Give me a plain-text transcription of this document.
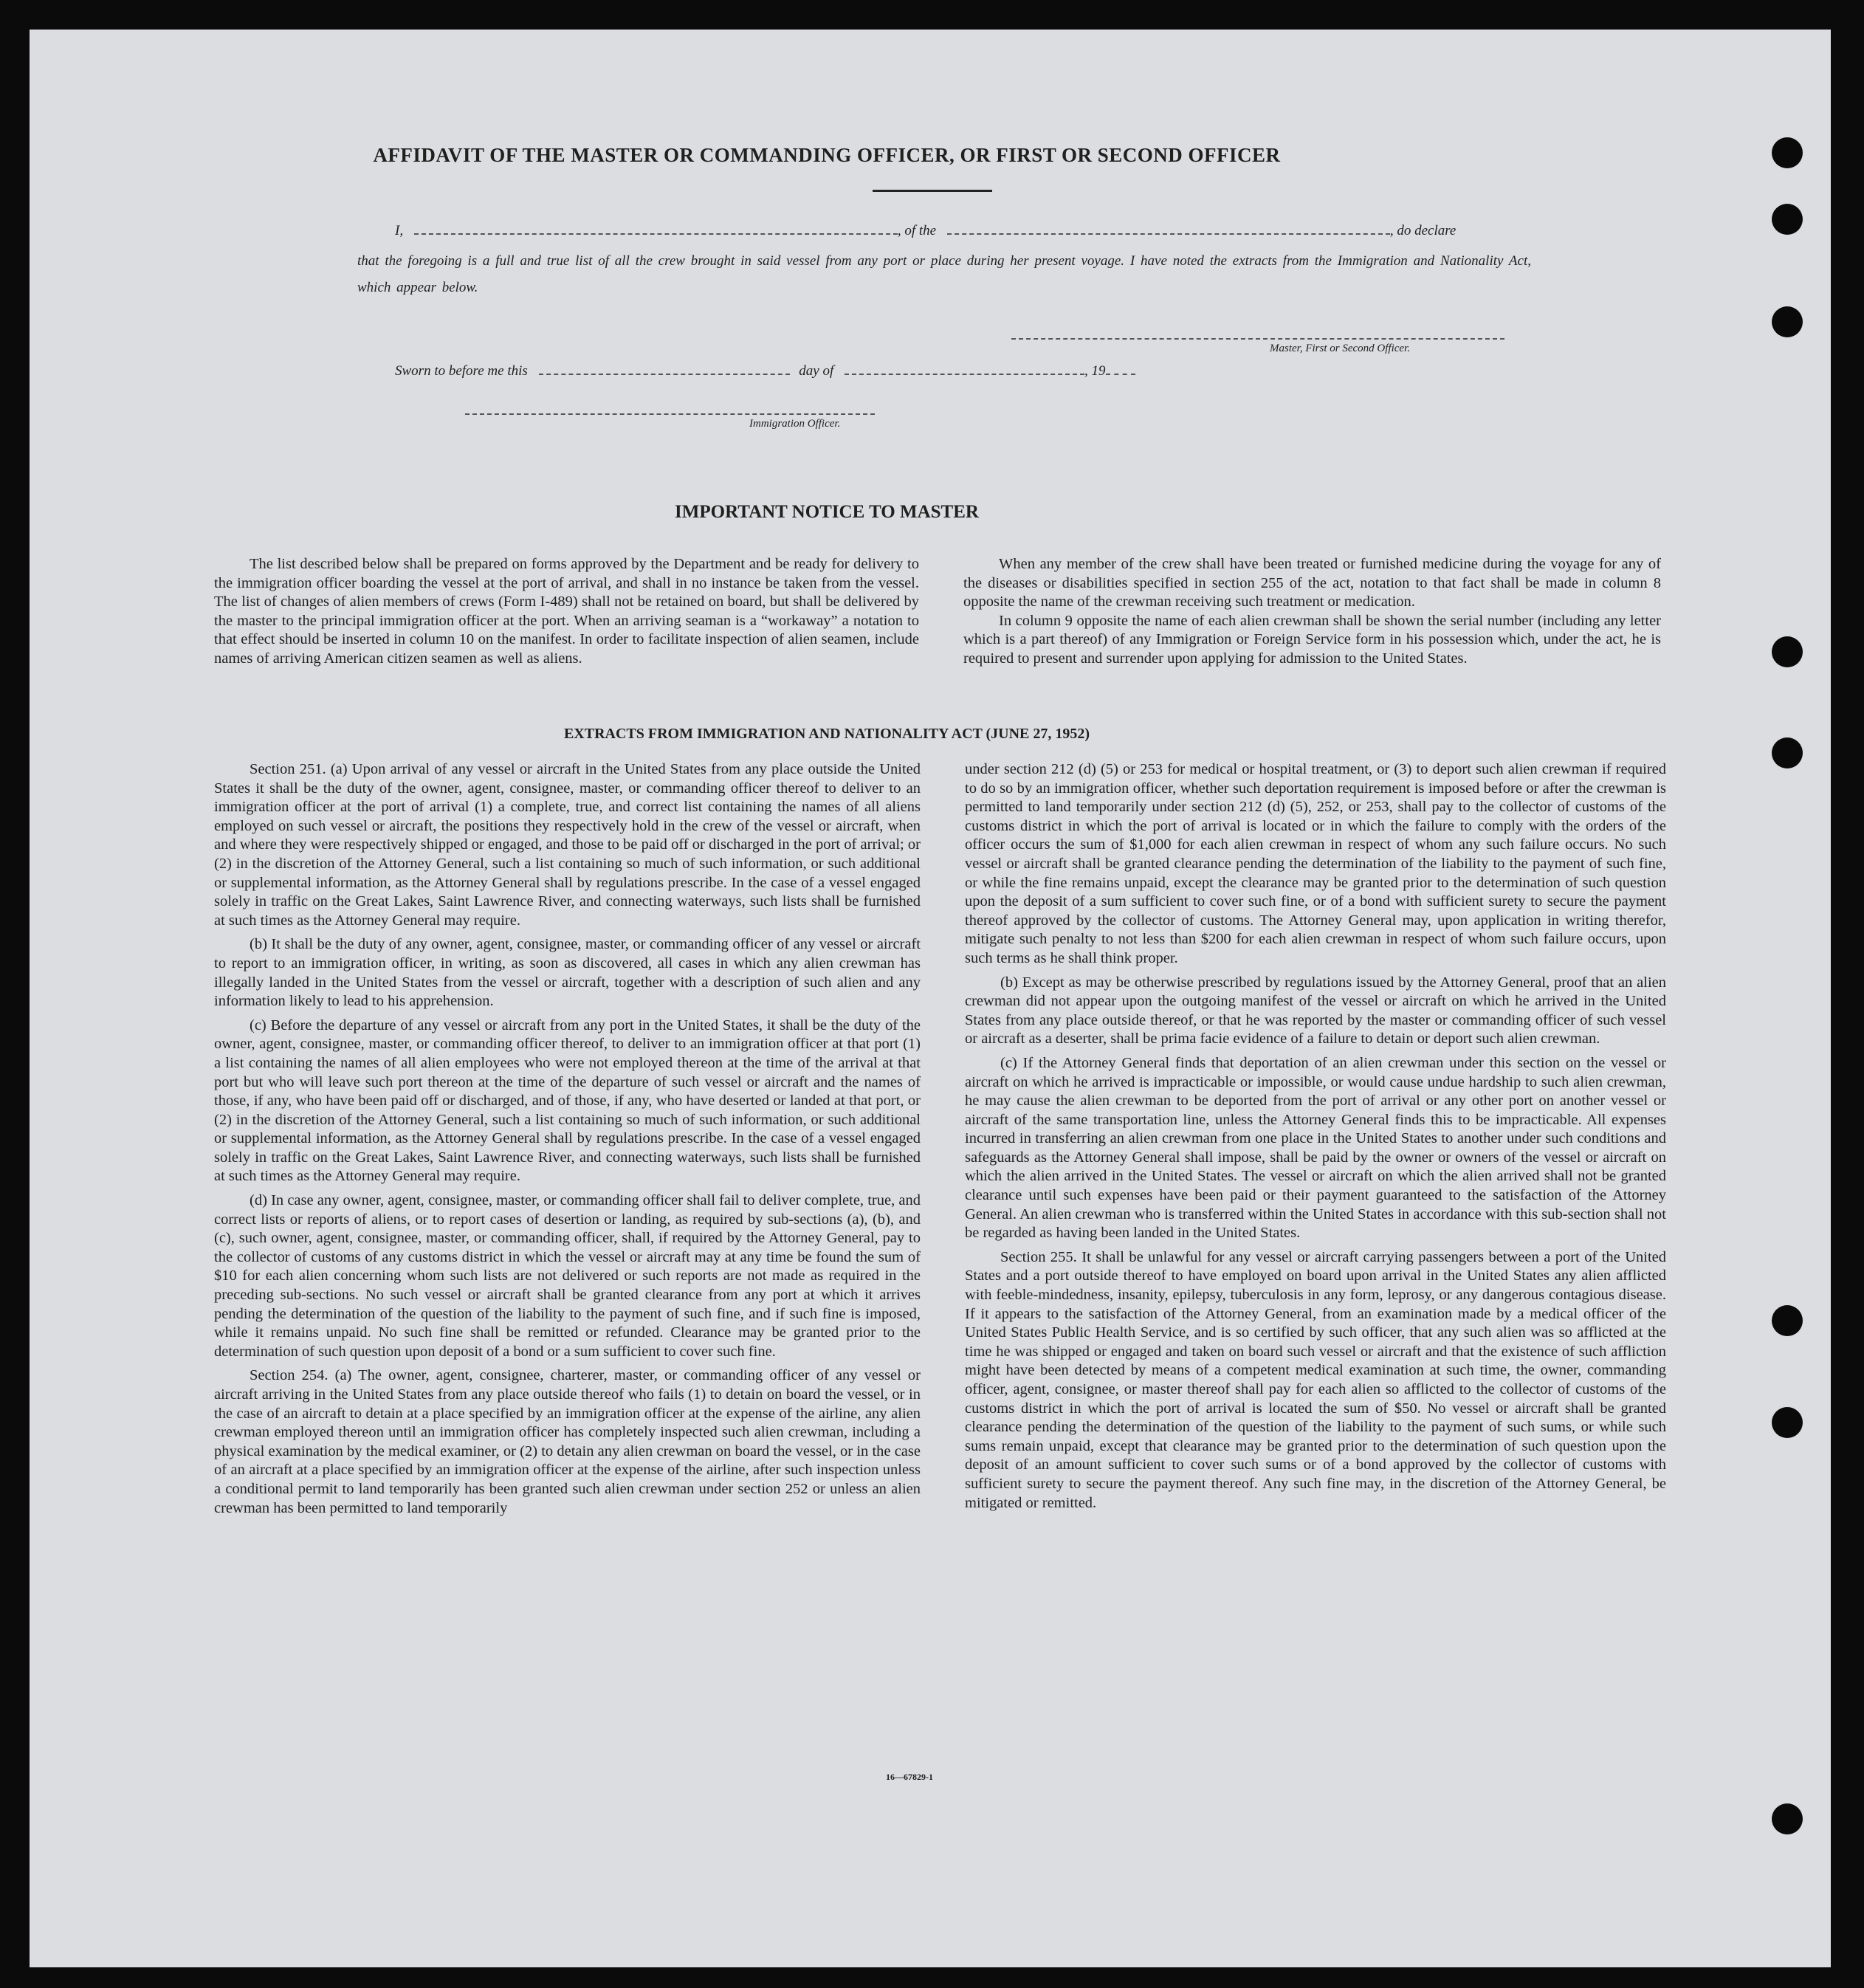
AFFIDAVIT OF THE MASTER OR COMMANDING OFFICER, OR FIRST OR SECOND OFFICER
I,	, of the	, do declare
that the foregoing is a full and true list of all the crew brought in said vessel from any port or place during her present voyage. I have noted the extracts from the Immigration and Nationality Act, which appear below.
Master, First or Second Officer.
Sworn to before me this	day of	, 19
Immigration Officer.
IMPORTANT NOTICE TO MASTER

The list described below shall be prepared on forms approved by the Department and be ready for delivery to the immigration officer boarding the vessel at the port of arrival, and shall in no instance be taken from the vessel. The list of changes of alien members of crews (Form I-489) shall not be retained on board, but shall be delivered by the master to the principal immigration officer at the port. When an arriving seaman is a “workaway” a notation to that effect should be inserted in column 10 on the manifest. In order to facilitate inspection of alien seamen, include names of arriving American citizen seamen as well as aliens.

When any member of the crew shall have been treated or furnished medicine during the voyage for any of the diseases or disabilities specified in section 255 of the act, notation to that fact shall be made in column 8 opposite the name of the crewman receiving such treatment or medication.

In column 9 opposite the name of each alien crewman shall be shown the serial number (including any letter which is a part thereof) of any Immigration or Foreign Service form in his possession which, under the act, he is required to present and surrender upon applying for admission to the United States.

EXTRACTS FROM IMMIGRATION AND NATIONALITY ACT (JUNE 27, 1952)

Section 251. (a) Upon arrival of any vessel or aircraft in the United States from any place outside the United States it shall be the duty of the owner, agent, consignee, master, or commanding officer thereof to deliver to an immigration officer at the port of arrival (1) a complete, true, and correct list containing the names of all aliens employed on such vessel or aircraft, the positions they respectively hold in the crew of the vessel or aircraft, when and where they were respectively shipped or engaged, and those to be paid off or discharged in the port of arrival; or (2) in the discretion of the Attorney General, such a list containing so much of such information, or such additional or supplemental information, as the Attorney General shall by regulations prescribe. In the case of a vessel engaged solely in traffic on the Great Lakes, Saint Lawrence River, and connecting waterways, such lists shall be furnished at such times as the Attorney General may require.

(b) It shall be the duty of any owner, agent, consignee, master, or commanding officer of any vessel or aircraft to report to an immigration officer, in writing, as soon as discovered, all cases in which any alien crewman has illegally landed in the United States from the vessel or aircraft, together with a description of such alien and any information likely to lead to his apprehension.

(c) Before the departure of any vessel or aircraft from any port in the United States, it shall be the duty of the owner, agent, consignee, master, or commanding officer thereof, to deliver to an immigration officer at that port (1) a list containing the names of all alien employees who were not employed thereon at the time of the arrival at that port but who will leave such port thereon at the time of the departure of such vessel or aircraft and the names of those, if any, who have been paid off or discharged, and of those, if any, who have deserted or landed at that port, or (2) in the discretion of the Attorney General, such a list containing so much of such information, or such additional or supplemental information, as the Attorney General shall by regulations prescribe. In the case of a vessel engaged solely in traffic on the Great Lakes, Saint Lawrence River, and connecting waterways, such lists shall be furnished at such times as the Attorney General may require.

(d) In case any owner, agent, consignee, master, or commanding officer shall fail to deliver complete, true, and correct lists or reports of aliens, or to report cases of desertion or landing, as required by sub-sections (a), (b), and (c), such owner, agent, consignee, master, or commanding officer, shall, if required by the Attorney General, pay to the collector of customs of any customs district in which the vessel or aircraft may at any time be found the sum of $10 for each alien concerning whom such lists are not delivered or such reports are not made as required in the preceding sub-sections. No such vessel or aircraft shall be granted clearance from any port at which it arrives pending the determination of the question of the liability to the payment of such fine, and if such fine is imposed, while it remains unpaid. No such fine shall be remitted or refunded. Clearance may be granted prior to the determination of such question upon deposit of a bond or a sum sufficient to cover such fine.

Section 254. (a) The owner, agent, consignee, charterer, master, or commanding officer of any vessel or aircraft arriving in the United States from any place outside thereof who fails (1) to detain on board the vessel, or in the case of an aircraft to detain at a place specified by an immigration officer at the expense of the airline, any alien crewman employed thereon until an immigration officer has completely inspected such alien crewman, including a physical examination by the medical examiner, or (2) to detain any alien crewman on board the vessel, or in the case of an aircraft at a place specified by an immigration officer at the expense of the airline, after such inspection unless a conditional permit to land temporarily has been granted such alien crewman under section 252 or unless an alien crewman has been permitted to land temporarily

under section 212 (d) (5) or 253 for medical or hospital treatment, or (3) to deport such alien crewman if required to do so by an immigration officer, whether such deportation requirement is imposed before or after the crewman is permitted to land temporarily under section 212 (d) (5), 252, or 253, shall pay to the collector of customs of the customs district in which the port of arrival is located or in which the failure to comply with the orders of the officer occurs the sum of $1,000 for each alien crewman in respect of whom any such failure occurs. No such vessel or aircraft shall be granted clearance pending the determination of the liability to the payment of such fine, or while the fine remains unpaid, except the clearance may be granted prior to the determination of such question upon the deposit of a sum sufficient to cover such fine, or of a bond with sufficient surety to secure the payment thereof approved by the collector of customs. The Attorney General may, upon application in writing therefor, mitigate such penalty to not less than $200 for each alien crewman in respect of whom such failure occurs, upon such terms as he shall think proper.

(b) Except as may be otherwise prescribed by regulations issued by the Attorney General, proof that an alien crewman did not appear upon the outgoing manifest of the vessel or aircraft on which he arrived in the United States from any place outside thereof, or that he was reported by the master or commanding officer of such vessel or aircraft as a deserter, shall be prima facie evidence of a failure to detain or deport such alien crewman.

(c) If the Attorney General finds that deportation of an alien crewman under this section on the vessel or aircraft on which he arrived is impracticable or impossible, or would cause undue hardship to such alien crewman, he may cause the alien crewman to be deported from the port of arrival or any other port on another vessel or aircraft of the same transportation line, unless the Attorney General finds this to be impracticable. All expenses incurred in transferring an alien crewman from one place in the United States to another under such conditions and safeguards as the Attorney General shall impose, shall be paid by the owner or owners of the vessel or aircraft on which the alien arrived in the United States. The vessel or aircraft on which the alien arrived shall not be granted clearance until such expenses have been paid or their payment guaranteed to the satisfaction of the Attorney General. An alien crewman who is transferred within the United States in accordance with this sub-section shall not be regarded as having been landed in the United States.

Section 255. It shall be unlawful for any vessel or aircraft carrying passengers between a port of the United States and a port outside thereof to have employed on board upon arrival in the United States any alien afflicted with feeble-mindedness, insanity, epilepsy, tuberculosis in any form, leprosy, or any dangerous contagious disease. If it appears to the satisfaction of the Attorney General, from an examination made by a medical officer of the United States Public Health Service, and is so certified by such officer, that any such alien was so afflicted at the time he was shipped or engaged and taken on board such vessel or aircraft and that the existence of such affliction might have been detected by means of a competent medical examination at such time, the owner, commanding officer, agent, consignee, or master thereof shall pay for each alien so afflicted to the collector of customs of the customs district in which the port of arrival is located the sum of $50. No vessel or aircraft shall be granted clearance pending the determination of the question of the liability to the payment of such sums, or while such sums remain unpaid, except that clearance may be granted prior to the determination of such question upon the deposit of an amount sufficient to cover such sums or of a bond approved by the collector of customs with sufficient surety to secure the payment thereof. Any such fine may, in the discretion of the Attorney General, be mitigated or remitted.

16—67829-1
